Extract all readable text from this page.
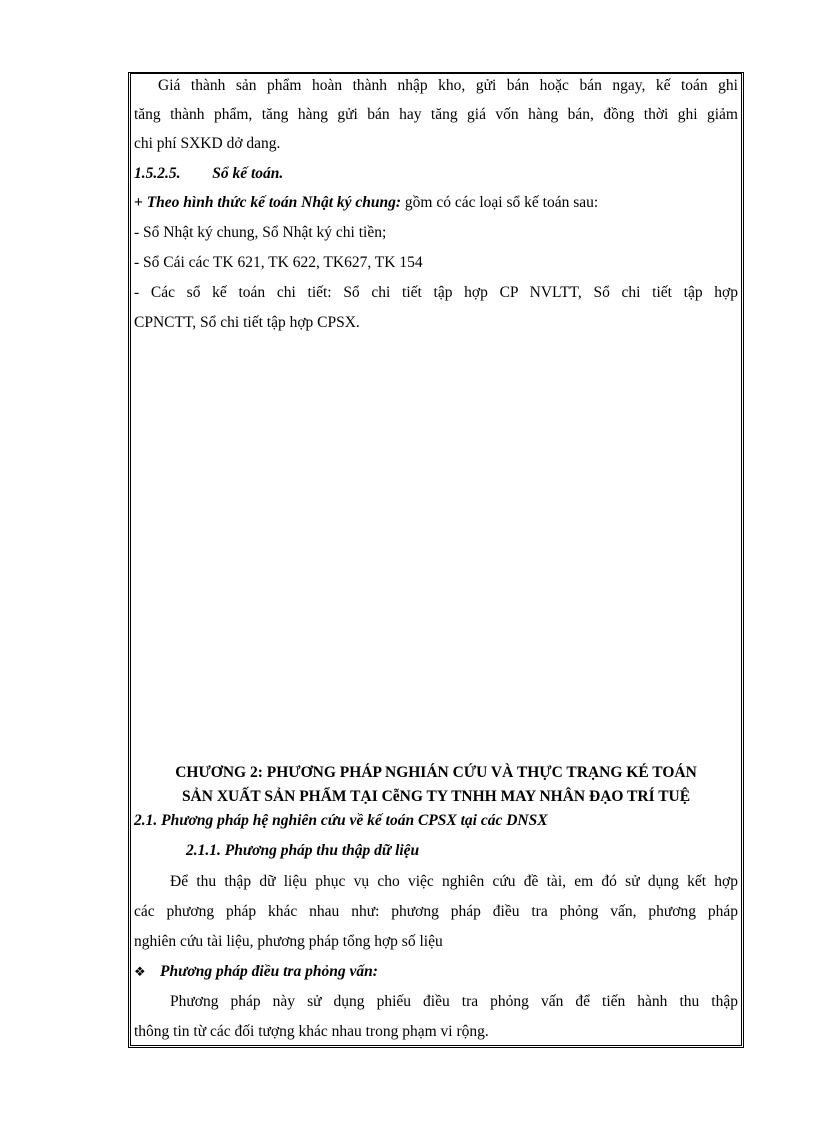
Giá thành sản phẩm hoàn thành nhập kho, gửi bán hoặc bán ngay, kế toán ghi
tăng thành phẩm, tăng hàng gửi bán hay tăng giá vốn hàng bán, đồng thời ghi giảm
chi phí SXKD dở dang.
1.5.2.5. Sổ kế toán.
+ Theo hình thức kế toán Nhật ký chung: gồm có các loại sổ kế toán sau:
- Sổ Nhật ký chung, Sổ Nhật ký chi tiền;
- Sổ Cái các TK 621, TK 622, TK627, TK 154
- Các sổ kế toán chi tiết: Sổ chi tiết tập hợp CP NVLTT, Sổ chi tiết tập hợp
CPNCTT, Sổ chi tiết tập hợp CPSX.
CHƯƠNG 2: PHƯƠNG PHÁP NGHIÁN CỨU VÀ THỰC TRẠNG KÉ TOÁN
SẢN XUẤT SẢN PHẨM TẠI CễNG TY TNHH MAY NHÂN ĐẠO TRÍ TUỆ
2.1. Phương pháp hệ nghiên cứu về kế toán CPSX tại các DNSX
2.1.1. Phương pháp thu thập dữ liệu
Để thu thập dữ liệu phục vụ cho việc nghiên cứu đề tài, em đó sử dụng kết hợp
các phương pháp khác nhau như: phương pháp điều tra phỏng vấn, phương pháp
nghiên cứu tài liệu, phương pháp tổng hợp số liệu
❖ Phương pháp điều tra phỏng vấn:
Phương pháp này sử dụng phiếu điều tra phỏng vấn để tiến hành thu thập
thông tin từ các đối tượng khác nhau trong phạm vi rộng.
